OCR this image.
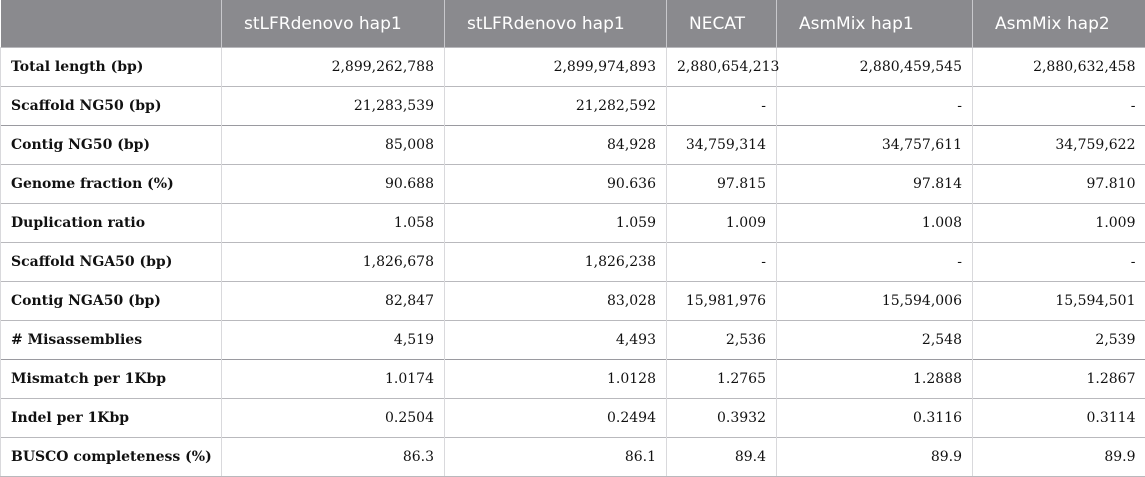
	stLFRdenovo hap1	stLFRdenovo hap1	NECAT	AsmMix hap1	AsmMix hap2
Total length (bp)	2,899,262,788	2,899,974,893	2,880,654,213	2,880,459,545	2,880,632,458
Scaffold NG50 (bp)	21,283,539	21,282,592	-	-	-
Contig NG50 (bp)	85,008	84,928	34,759,314	34,757,611	34,759,622
Genome fraction (%)	90.688	90.636	97.815	97.814	97.810
Duplication ratio	1.058	1.059	1.009	1.008	1.009
Scaffold NGA50 (bp)	1,826,678	1,826,238	-	-	-
Contig NGA50 (bp)	82,847	83,028	15,981,976	15,594,006	15,594,501
# Misassemblies	4,519	4,493	2,536	2,548	2,539
Mismatch per 1Kbp	1.0174	1.0128	1.2765	1.2888	1.2867
Indel per 1Kbp	0.2504	0.2494	0.3932	0.3116	0.3114
BUSCO completeness (%)	86.3	86.1	89.4	89.9	89.9
